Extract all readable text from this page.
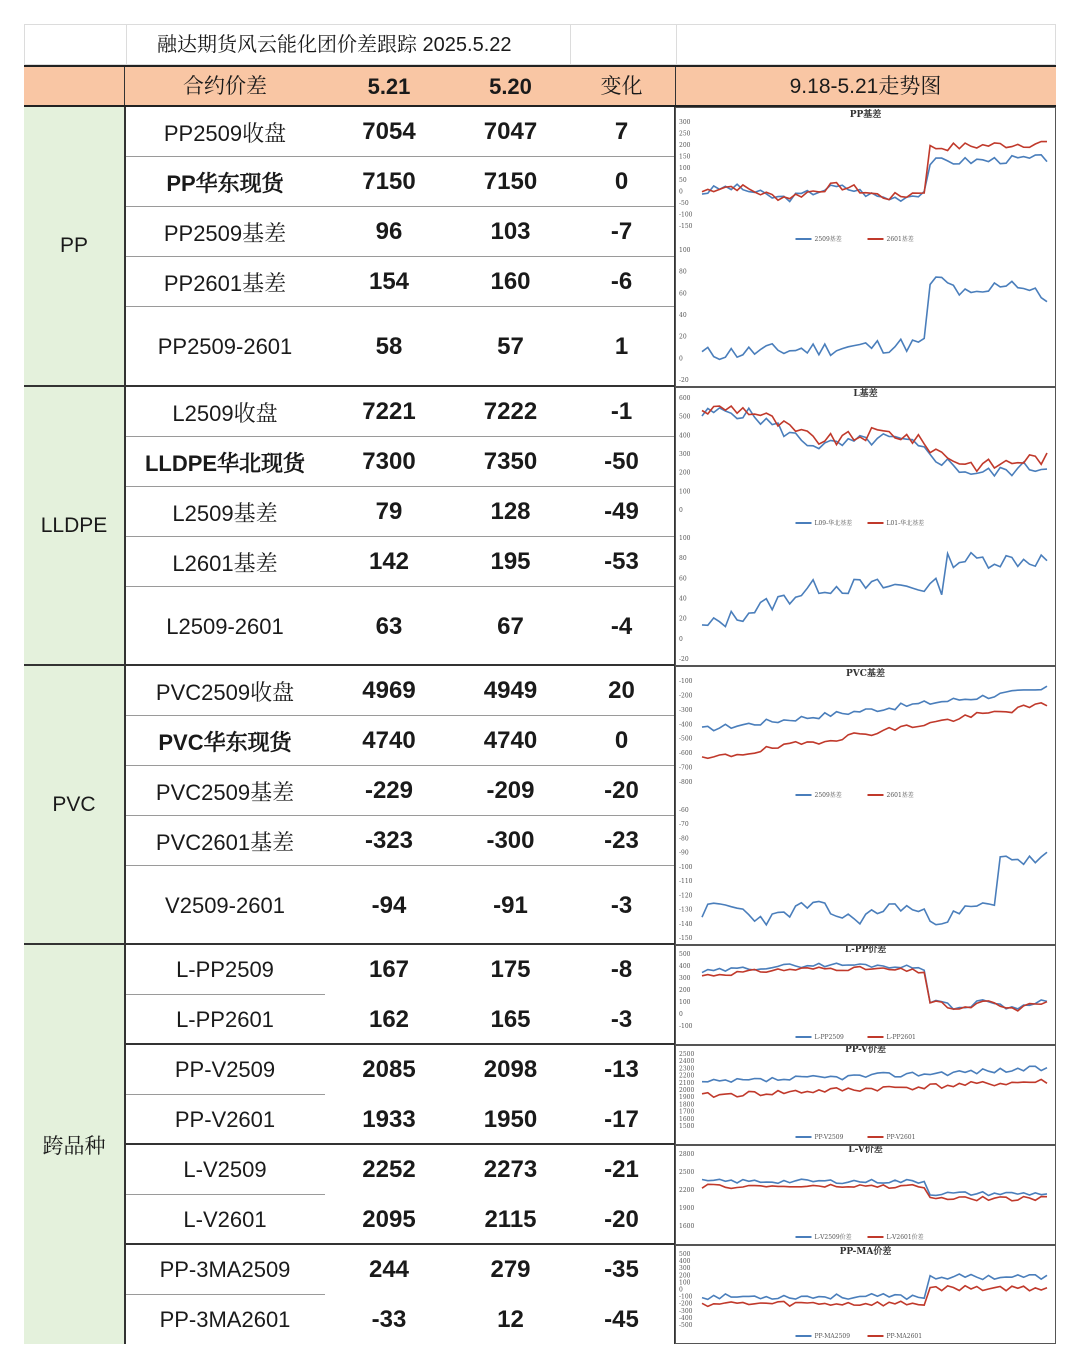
融达期货风云能化团价差跟踪 2025.5.22
合约价差	5.21	5.20	变化	9.18-5.21走势图
PP
LLDPE
PVC
跨品种
PP2509收盘	7054	7047	7
PP华东现货	7150	7150	0
PP2509基差	96	103	-7
PP2601基差	154	160	-6
PP2509-2601	58	57	1
L2509收盘	7221	7222	-1
LLDPE华北现货	7300	7350	-50
L2509基差	79	128	-49
L2601基差	142	195	-53
L2509-2601	63	67	-4
PVC2509收盘	4969	4949	20
PVC华东现货	4740	4740	0
PVC2509基差	-229	-209	-20
PVC2601基差	-323	-300	-23
V2509-2601	-94	-91	-3
L-PP2509	167	175	-8
L-PP2601	162	165	-3
PP-V2509	2085	2098	-13
PP-V2601	1933	1950	-17
L-V2509	2252	2273	-21
L-V2601	2095	2115	-20
PP-3MA2509	244	279	-35
PP-3MA2601	-33	12	-45
300
250
200
150
100
50
0
-50
-100
-150
PP基差
2509基差	2601基差
100
80
60
40
20
0
-20
600
500
400
300
200
100
0
L基差
L09-华北基差	L01-华北基差
100
80
60
40
20
0
-20
-100
-200
-300
-400
-500
-600
-700
-800
PVC基差
2509基差	2601基差
-60
-70
-80
-90
-100
-110
-120
-130
-140
-150
500
400
300
200
100
0
-100
L-PP价差
L-PP2509	L-PP2601
2500
2400
2300
2200
2100
2000
1900
1800
1700
1600
1500
PP-V价差
PP-V2509	PP-V2601
2800
2500
2200
1900
1600
L-V价差
L-V2509价差	L-V2601价差
500
400
300
200
100
0
-100
-200
-300
-400
-500
PP-MA价差
PP-MA2509	PP-MA2601
